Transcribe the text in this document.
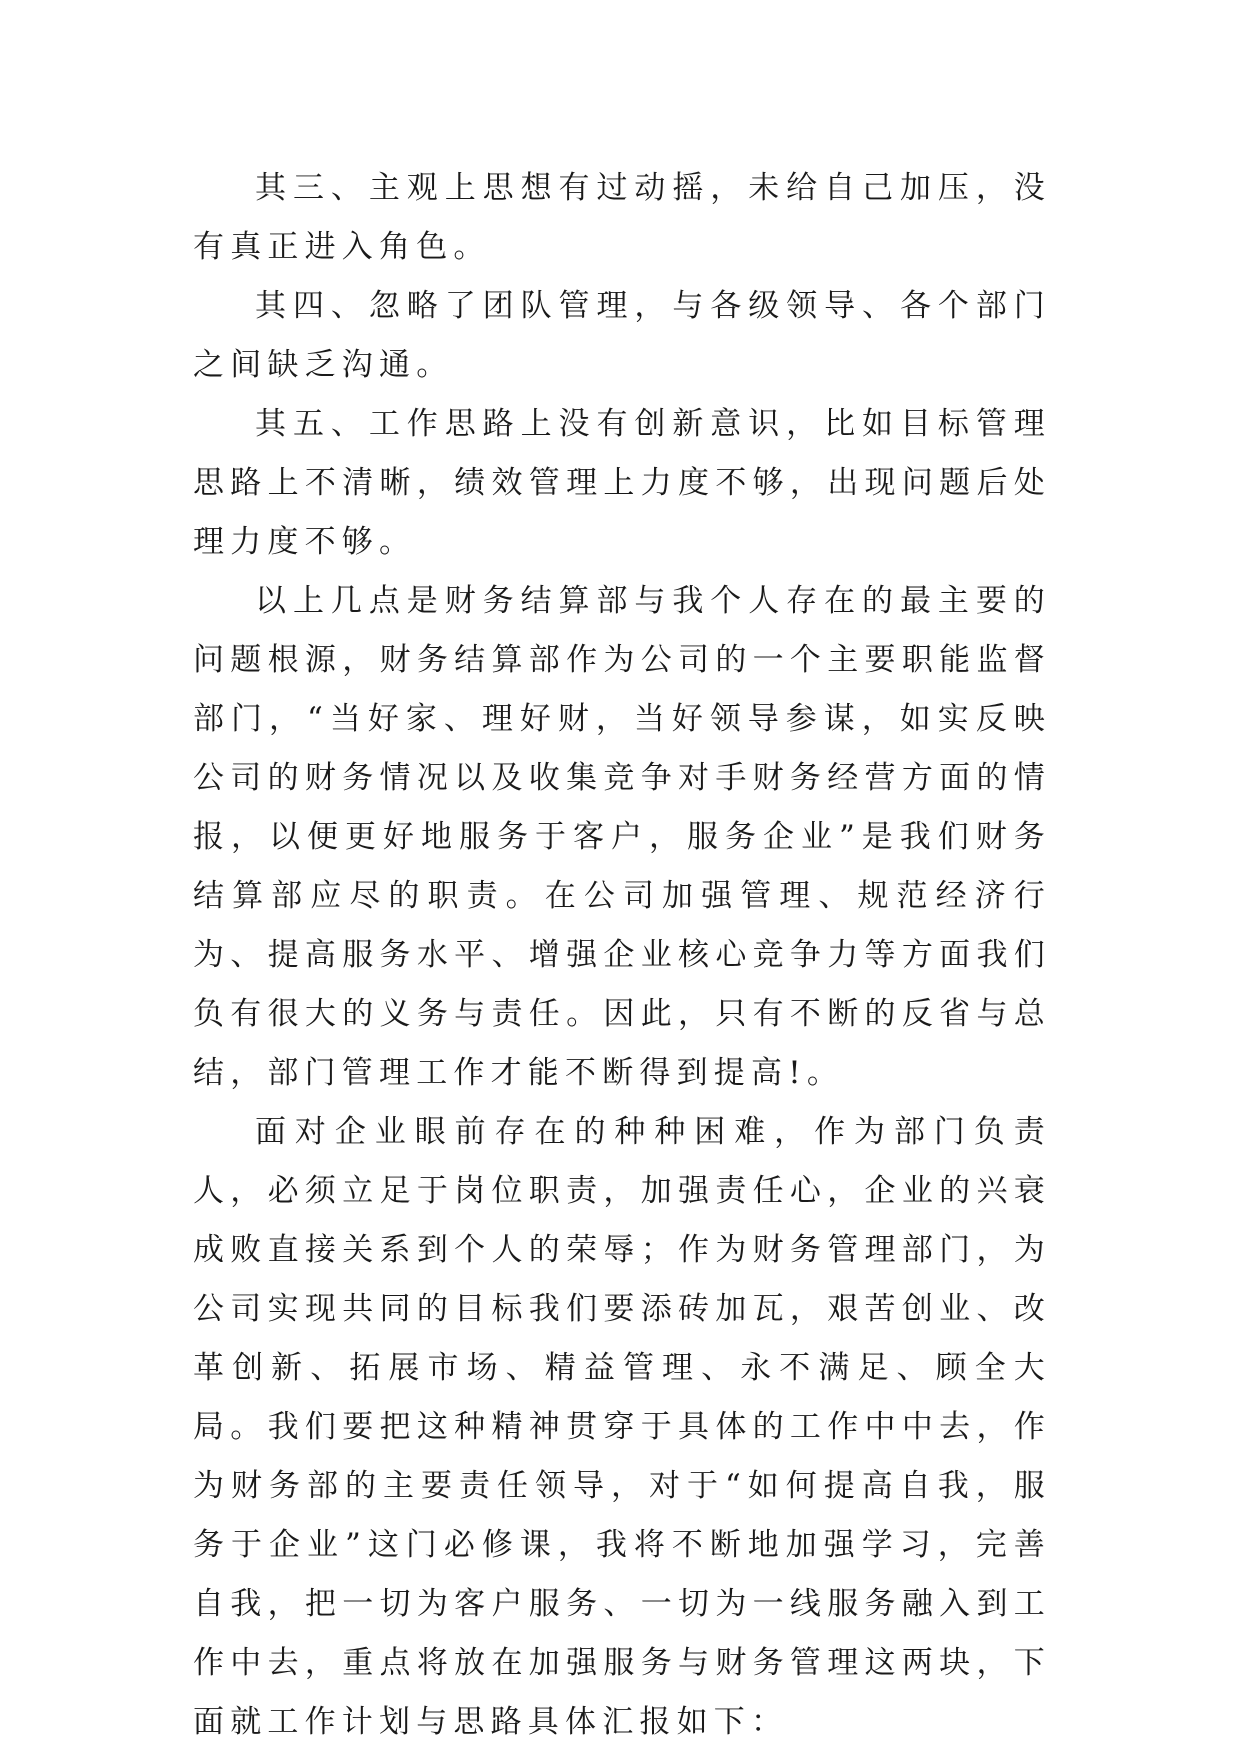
其三、主观上思想有过动摇，未给自己加压，没有真正进入角色。

其四、忽略了团队管理，与各级领导、各个部门之间缺乏沟通。

其五、工作思路上没有创新意识，比如目标管理思路上不清晰，绩效管理上力度不够，出现问题后处理力度不够。

以上几点是财务结算部与我个人存在的最主要的问题根源，财务结算部作为公司的一个主要职能监督部门，“当好家、理好财，当好领导参谋，如实反映公司的财务情况以及收集竞争对手财务经营方面的情报，以便更好地服务于客户，服务企业”是我们财务结算部应尽的职责。在公司加强管理、规范经济行为、提高服务水平、增强企业核心竞争力等方面我们负有很大的义务与责任。因此，只有不断的反省与总结，部门管理工作才能不断得到提高!。

面对企业眼前存在的种种困难，作为部门负责人，必须立足于岗位职责，加强责任心，企业的兴衰成败直接关系到个人的荣辱；作为财务管理部门，为公司实现共同的目标我们要添砖加瓦，艰苦创业、改革创新、拓展市场、精益管理、永不满足、顾全大局。我们要把这种精神贯穿于具体的工作中中去，作为财务部的主要责任领导，对于“如何提高自我，服务于企业”这门必修课，我将不断地加强学习，完善自我，把一切为客户服务、一切为一线服务融入到工作中去，重点将放在加强服务与财务管理这两块，下面就工作计划与思路具体汇报如下：
